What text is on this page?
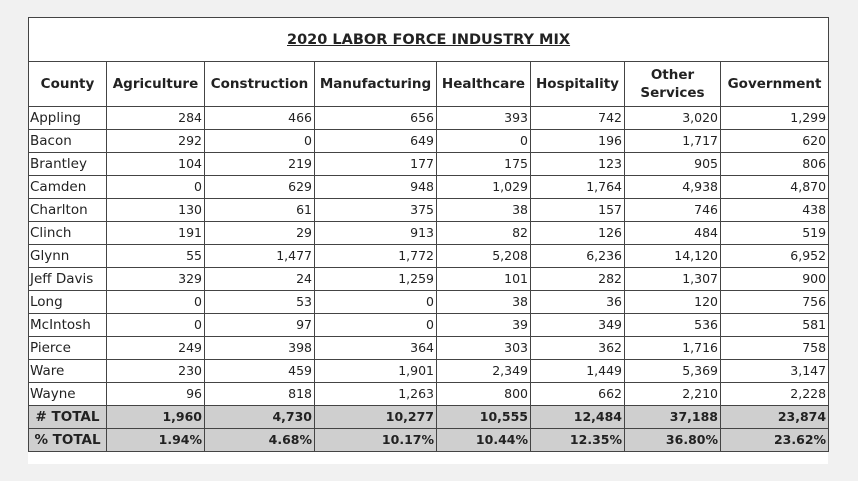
2020 LABOR FORCE INDUSTRY MIX							
County	Agriculture	Construction	Manufacturing	Healthcare	Hospitality	Other Services	Government
Appling	284	466	656	393	742	3,020	1,299
Bacon	292	0	649	0	196	1,717	620
Brantley	104	219	177	175	123	905	806
Camden	0	629	948	1,029	1,764	4,938	4,870
Charlton	130	61	375	38	157	746	438
Clinch	191	29	913	82	126	484	519
Glynn	55	1,477	1,772	5,208	6,236	14,120	6,952
Jeff Davis	329	24	1,259	101	282	1,307	900
Long	0	53	0	38	36	120	756
McIntosh	0	97	0	39	349	536	581
Pierce	249	398	364	303	362	1,716	758
Ware	230	459	1,901	2,349	1,449	5,369	3,147
Wayne	96	818	1,263	800	662	2,210	2,228
# TOTAL	1,960	4,730	10,277	10,555	12,484	37,188	23,874
% TOTAL	1.94%	4.68%	10.17%	10.44%	12.35%	36.80%	23.62%
